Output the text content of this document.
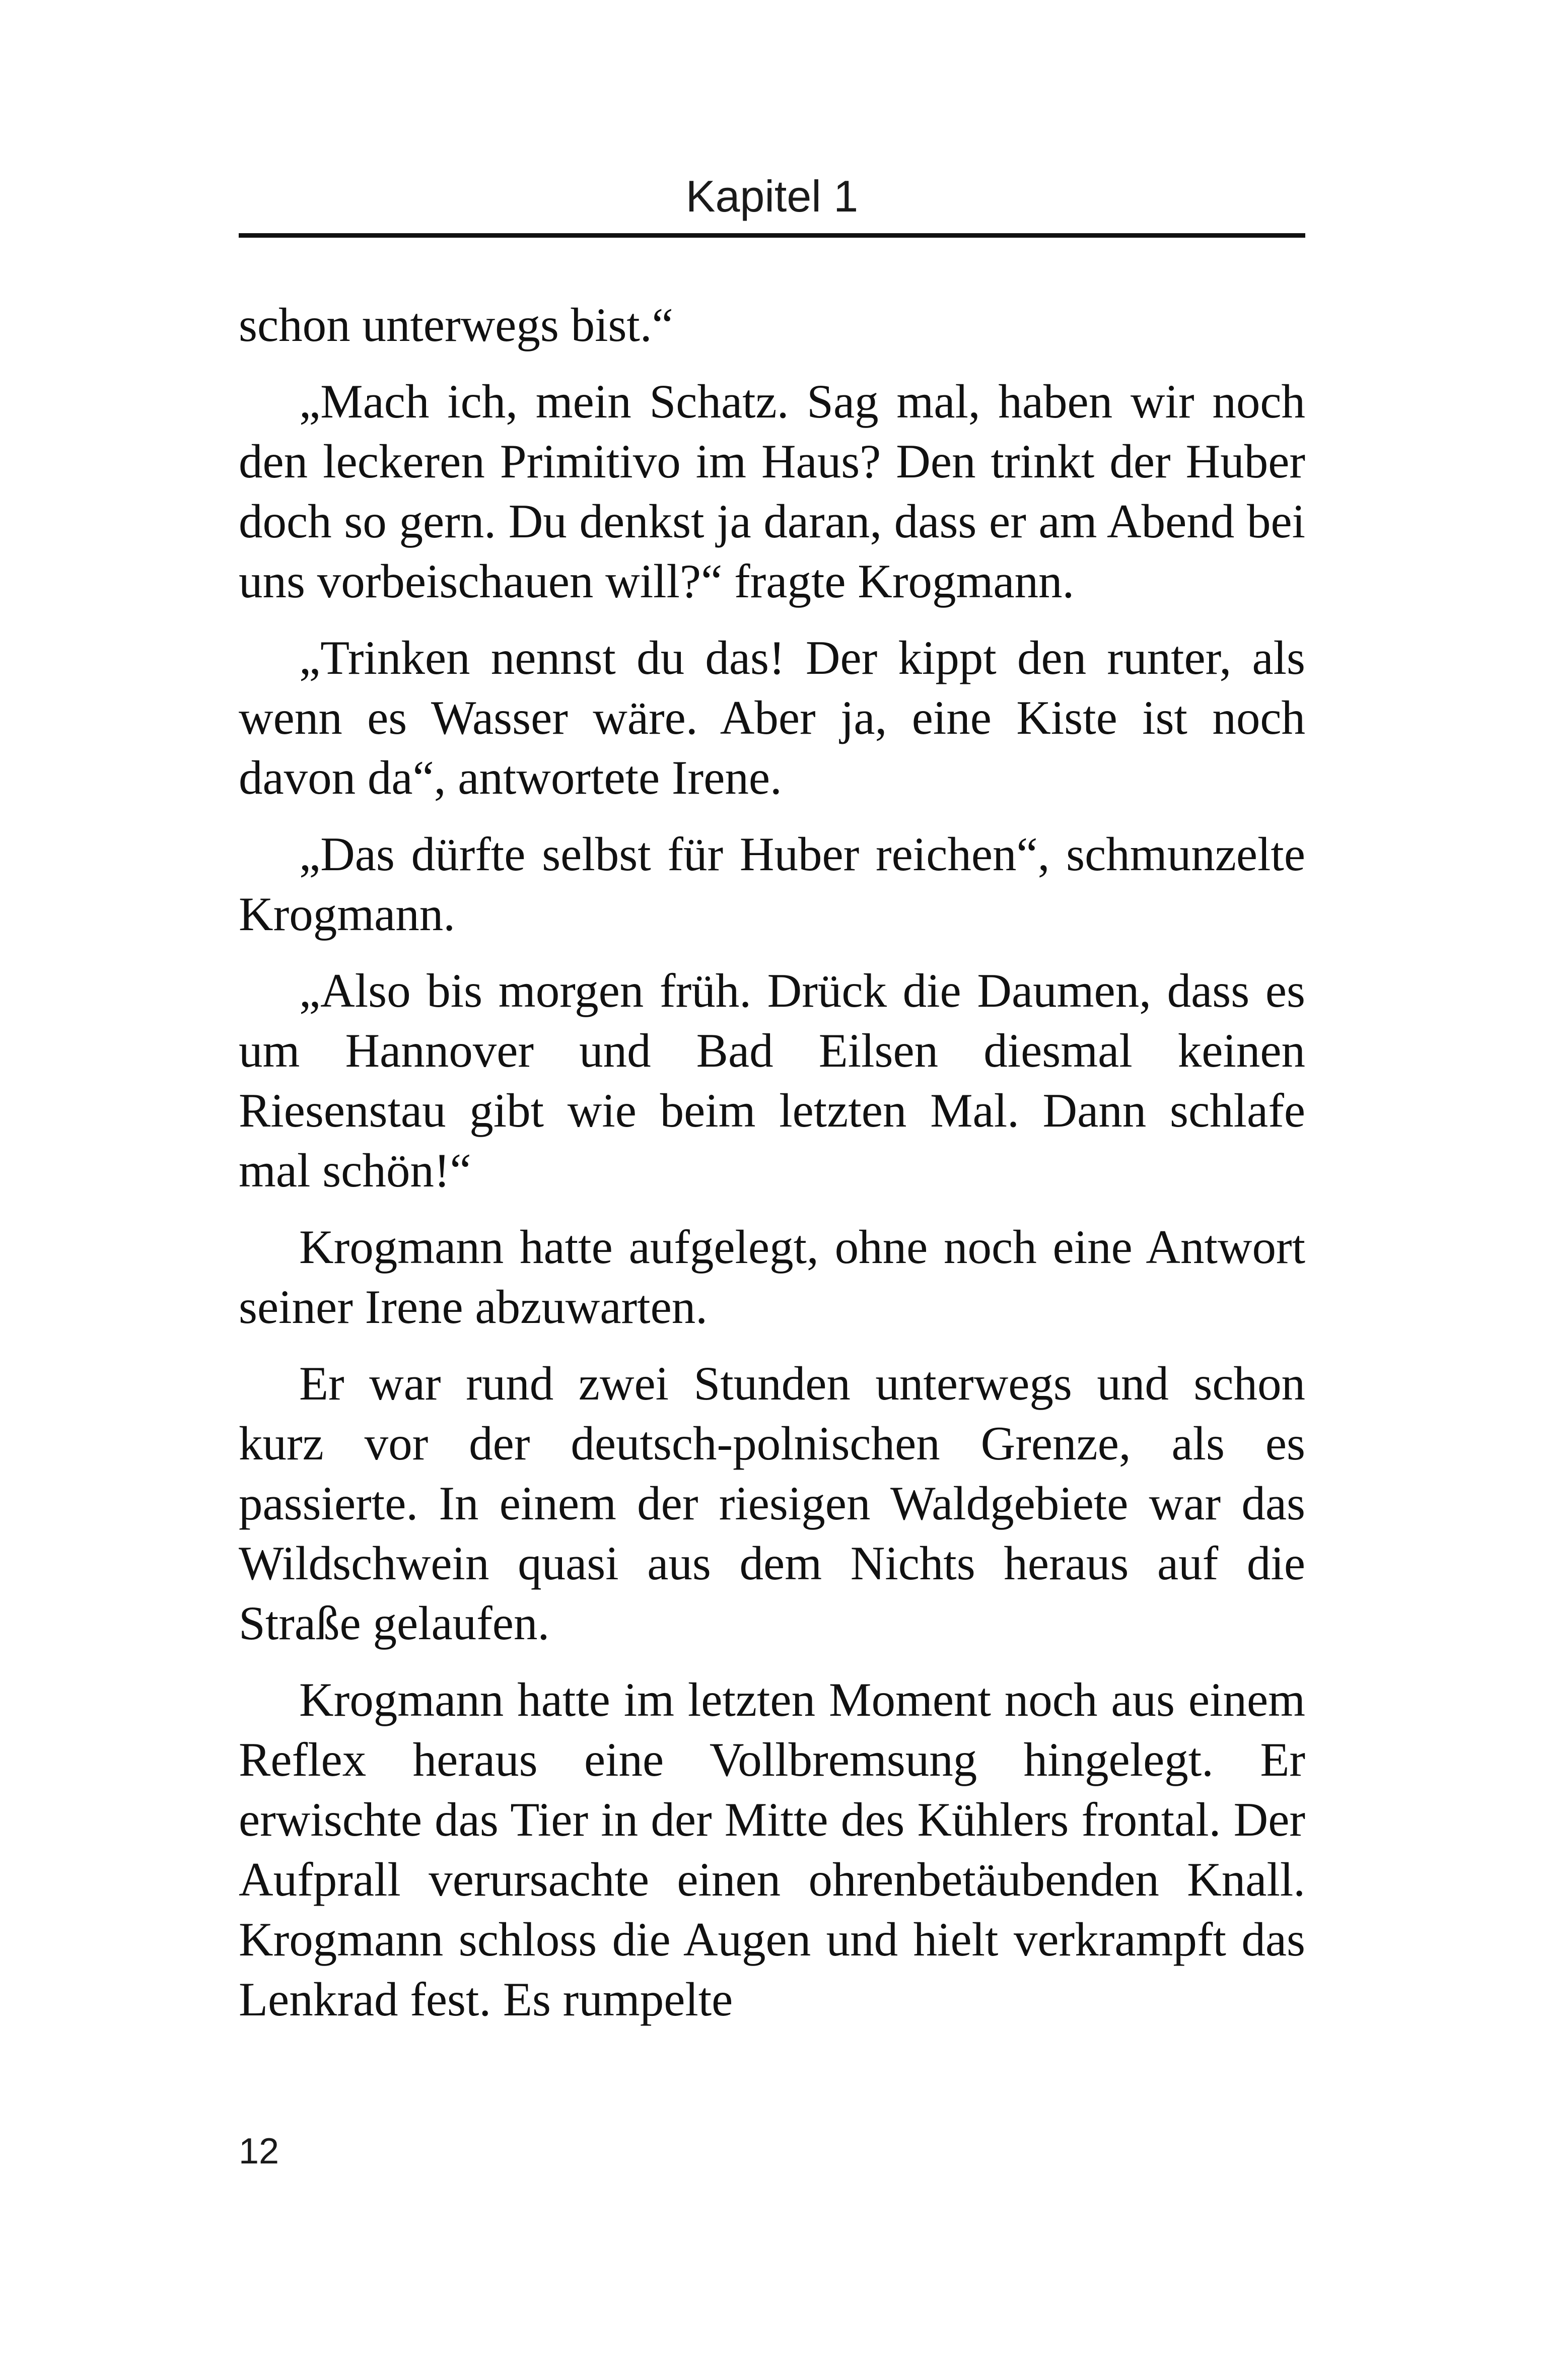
Kapitel 1

schon unterwegs bist.“

„Mach ich, mein Schatz. Sag mal, haben wir noch den leckeren Primitivo im Haus? Den trinkt der Huber doch so gern. Du denkst ja daran, dass er am Abend bei uns vorbeischauen will?“ fragte Krogmann.

„Trinken nennst du das! Der kippt den runter, als wenn es Wasser wäre. Aber ja, eine Kiste ist noch davon da“, antwortete Irene.

„Das dürfte selbst für Huber reichen“, schmunzelte Krogmann.

„Also bis morgen früh. Drück die Daumen, dass es um Hannover und Bad Eilsen diesmal keinen Riesenstau gibt wie beim letzten Mal. Dann schlafe mal schön!“

Krogmann hatte aufgelegt, ohne noch eine Antwort seiner Irene abzuwarten.

Er war rund zwei Stunden unterwegs und schon kurz vor der deutsch-polnischen Grenze, als es passierte. In einem der riesigen Waldgebiete war das Wildschwein quasi aus dem Nichts heraus auf die Straße gelaufen.

Krogmann hatte im letzten Moment noch aus einem Reflex heraus eine Vollbremsung hingelegt. Er erwischte das Tier in der Mitte des Kühlers frontal. Der Aufprall verursachte einen ohrenbetäubenden Knall. Krogmann schloss die Augen und hielt verkrampft das Lenkrad fest. Es rumpelte

12
